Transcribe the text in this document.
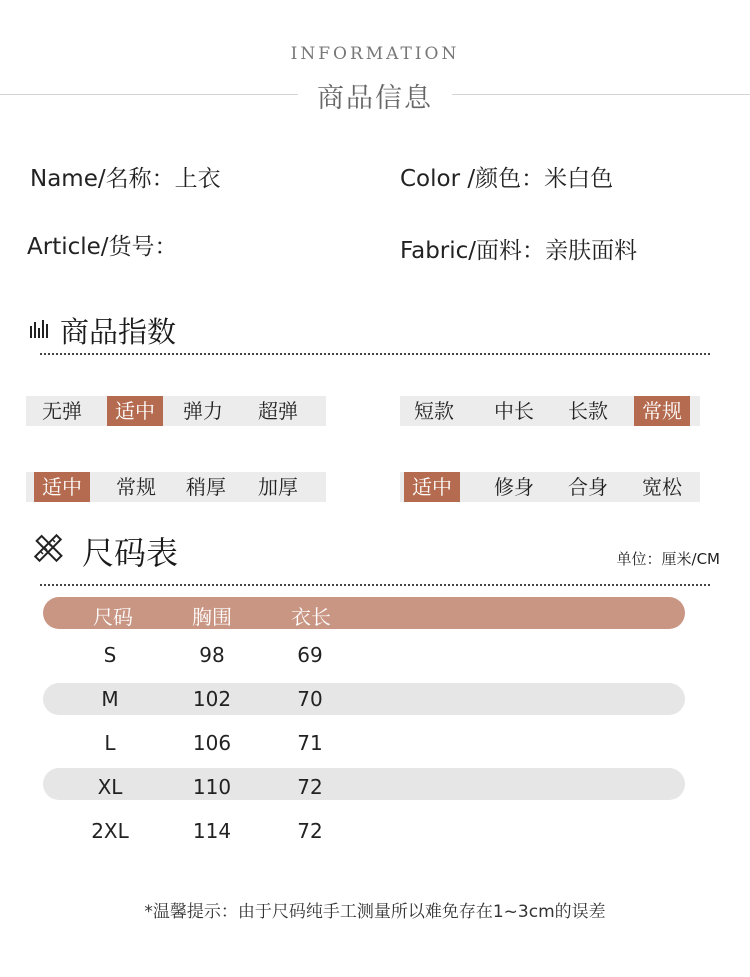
INFORMATION
商品信息
Name/名称：上衣	Color /颜色：米白色
Article/货号：	Fabric/面料：亲肤面料
商品指数
无弹	适中	弹力	超弹	短款	中长	长款	常规
适中	常规	稍厚	加厚	适中	修身	合身	宽松
尺码表	单位：厘米/CM
尺码	胸围	衣长
S	98	69
M	102	70
L	106	71
XL	110	72
2XL	114	72
*温馨提示：由于尺码纯手工测量所以难免存在1~3cm的误差
